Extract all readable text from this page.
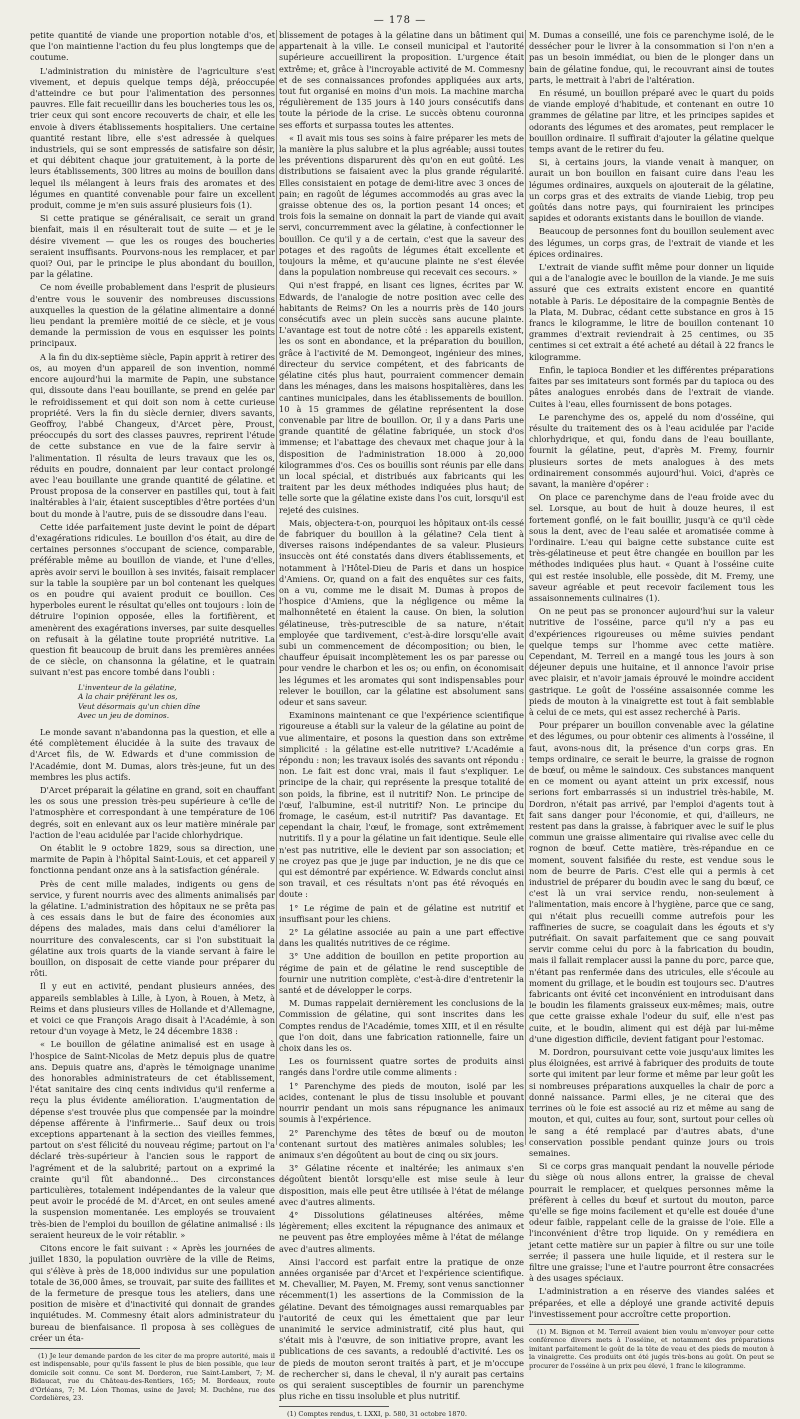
— 178 —

petite quantité de viande une proportion notable d'os, et que l'on maintienne l'action du feu plus longtemps que de coutume.

L'administration du ministère de l'agriculture s'est vivement, et depuis quelque temps déjà, préoccupée d'atteindre ce but pour l'alimentation des personnes pauvres. Elle fait recueillir dans les boucheries tous les os, trier ceux qui sont encore recouverts de chair, et elle les envoie à divers établissements hospitaliers. Une certaine quantité restant libre, elle s'est adressée à quelques industriels, qui se sont empressés de satisfaire son désir, et qui débitent chaque jour gratuitement, à la porte de leurs établissements, 300 litres au moins de bouillon dans lequel ils mélangent à leurs frais des aromates et des légumes en quantité convenable pour faire un excellent produit, comme je m'en suis assuré plusieurs fois (1).

Si cette pratique se généralisait, ce serait un grand bienfait, mais il en résulterait tout de suite — et je le désire vivement — que les os rouges des boucheries seraient insuffisants. Pourvons-nous les remplacer, et par quoi? Oui, par le principe le plus abondant du bouillon, par la gélatine.

Ce nom éveille probablement dans l'esprit de plusieurs d'entre vous le souvenir des nombreuses discussions auxquelles la question de la gélatine alimentaire a donné lieu pendant la première moitié de ce siècle, et je vous demande la permission de vous en esquisser les points principaux.

A la fin du dix-septième siècle, Papin apprit à retirer des os, au moyen d'un appareil de son invention, nommé encore aujourd'hui la marmite de Papin, une substance qui, dissoute dans l'eau bouillante, se prend en gelée par le refroidissement et qui doit son nom à cette curieuse propriété. Vers la fin du siècle dernier, divers savants, Geoffroy, l'abbé Changeux, d'Arcet père, Proust, préoccupés du sort des classes pauvres, reprirent l'étude de cette substance en vue de la faire servir à l'alimentation. Il résulta de leurs travaux que les os, réduits en poudre, donnaient par leur contact prolongé avec l'eau bouillante une grande quantité de gélatine. et Proust proposa de la conserver en pastilles qui, tout à fait inaltérables à l'air, étaient susceptibles d'être portées d'un bout du monde à l'autre, puis de se dissoudre dans l'eau.

Cette idée parfaitement juste devint le point de départ d'exagérations ridicules. Le bouillon d'os était, au dire de certaines personnes s'occupant de science, comparable, préférable même au bouillon de viande, et l'une d'elles, après avoir servi le bouillon à ses invités, faisait remplacer sur la table la soupière par un bol contenant les quelques os en poudre qui avaient produit ce bouillon. Ces hyperboles eurent le résultat qu'elles ont toujours : loin de détruire l'opinion opposée, elles la fortifièrent, et amenèrent des exagérations inverses, par suite desquelles on refusait à la gélatine toute propriété nutritive. La question fit beaucoup de bruit dans les premières années de ce siècle, on chansonna la gélatine, et le quatrain suivant n'est pas encore tombé dans l'oubli :

L'inventeur de la gélatine,
A la chair préférant les os,
Veut désormais qu'un chien dîne
Avec un jeu de dominos.

Le monde savant n'abandonna pas la question, et elle a été complètement élucidée à la suite des travaux de d'Arcet fils, de W. Edwards et d'une commission de l'Académie, dont M. Dumas, alors très-jeune, fut un des membres les plus actifs.

D'Arcet préparait la gélatine en grand, soit en chauffant les os sous une pression très-peu supérieure à ce'lle de l'atmosphère et correspondant à une température de 106 degrés, soit en enlevant aux os leur matière minérale par l'action de l'eau acidulée par l'acide chlorhydrique.

On établit le 9 octobre 1829, sous sa direction, une marmite de Papin à l'hôpital Saint-Louis, et cet appareil y fonctionna pendant onze ans à la satisfaction générale.

Près de cent mille malades, indigents ou gens de service, y furent nourris avec des aliments animalisés par la gélatine. L'administration des hôpitaux ne se prêta pas à ces essais dans le but de faire des économies aux dépens des malades, mais dans celui d'améliorer la nourriture des convalescents, car si l'on substituait la gélatine aux trois quarts de la viande servant à faire le bouillon, on disposait de cette viande pour préparer du rôti.

Il y eut en activité, pendant plusieurs années, des appareils semblables à Lille, à Lyon, à Rouen, à Metz, à Reims et dans plusieurs villes de Hollande et d'Allemagne, et voici ce que François Arago disait à l'Académie, à son retour d'un voyage à Metz, le 24 décembre 1838 :

« Le bouillon de gélatine animalisé est en usage à l'hospice de Saint-Nicolas de Metz depuis plus de quatre ans. Depuis quatre ans, d'après le témoignage unanime des honorables administrateurs de cet établissement, l'état sanitaire des cinq cents individus qu'il renferme a reçu la plus évidente amélioration. L'augmentation de dépense s'est trouvée plus que compensée par la moindre dépense afférente à l'infirmerie... Sauf deux ou trois exceptions appartenant à la section des vieilles femmes, partout on s'est félicité du nouveau régime; partout on l'a déclaré très-supérieur à l'ancien sous le rapport de l'agrément et de la salubrité; partout on a exprimé la crainte qu'il fût abandonné... Des circonstances particulières, totalement indépendantes de la valeur que peut avoir le procédé de M. d'Arcet, en ont seules amené la suspension momentanée. Les employés se trouvaient très-bien de l'emploi du bouillon de gélatine animalisé : ils seraient heureux de le voir rétablir. »

Citons encore le fait suivant : « Après les journées de juillet 1830, la population ouvrière de la ville de Reims, qui s'élève à près de 18,000 individus sur une population totale de 36,000 âmes, se trouvait, par suite des faillites et de la fermeture de presque tous les ateliers, dans une position de misère et d'inactivité qui donnait de grandes inquiétudes. M. Commesny était alors administrateur du bureau de bienfaisance. Il proposa à ses collègues de créer un éta-

(1) Je leur demande pardon de les citer de ma propre autorité, mais il est indispensable, pour qu'ils fassent le plus de bien possible, que leur domicile soit connu. Ce sont M. Dorderon, rue Saint-Lambert, 7; M. Bidaucat, rue du Château-des-Rentiers, 165; M. Bordeaux, route d'Orléans, 7; M. Léon Thomas, usine de Javel; M. Duchêne, rue des Cordelières, 23.

blissement de potages à la gélatine dans un bâtiment qui appartenait à la ville. Le conseil municipal et l'autorité supérieure accueillirent la proposition. L'urgence était extrême; et, grâce à l'incroyable activité de M. Commesny et de ses connaissances profondes appliquées aux arts, tout fut organisé en moins d'un mois. La machine marcha régulièrement de 135 jours à 140 jours consécutifs dans toute la période de la crise. Le succès obtenu couronna ses efforts et surpassa toutes les attentes.

« Il avait mis tous ses soins à faire préparer les mets de la manière la plus salubre et la plus agréable; aussi toutes les préventions disparurent dès qu'on en eut goûté. Les distributions se faisaient avec la plus grande régularité. Elles consistaient en potage de demi-litre avec 3 onces de pain; en ragoût de légumes accommodés au gras avec la graisse obtenue des os, la portion pesant 14 onces; et trois fois la semaine on donnait la part de viande qui avait servi, concurremment avec la gélatine, à confectionner le bouillon. Ce qu'il y a de certain, c'est que la saveur des potages et des ragoûts de légumes était excellente et toujours la même, et qu'aucune plainte ne s'est élevée dans la population nombreuse qui recevait ces secours. »

Qui n'est frappé, en lisant ces lignes, écrites par W. Edwards, de l'analogie de notre position avec celle des habitants de Reims? On les a nourris près de 140 jours consécutifs avec un plein succès sans aucune plainte. L'avantage est tout de notre côté : les appareils existent, les os sont en abondance, et la préparation du bouillon, grâce à l'activité de M. Demongeot, ingénieur des mines, directeur du service compétent, et des fabricants de gélatine cités plus haut, pourraient commencer demain dans les ménages, dans les maisons hospitalières, dans les cantines municipales, dans les établissements de bouillon. 10 à 15 grammes de gélatine représentent la dose convenable par litre de bouillon. Or, il y a dans Paris une grande quantité de gélatine fabriquée, un stock d'os immense; et l'abattage des chevaux met chaque jour à la disposition de l'administration 18.000 à 20,000 kilogrammes d'os. Ces os bouillis sont réunis par elle dans un local spécial, et distribués aux fabricants qui les traitent par les deux méthodes indiquées plus haut; de telle sorte que la gélatine existe dans l'os cuit, lorsqu'il est rejeté des cuisines.

Mais, objectera-t-on, pourquoi les hôpitaux ont-ils cessé de fabriquer du bouillon à la gélatine? Cela tient à diverses raisons indépendantes de sa valeur. Plusieurs insuccès ont été constatés dans divers établissements, et notamment à l'Hôtel-Dieu de Paris et dans un hospice d'Amiens. Or, quand on a fait des enquêtes sur ces faits, on a vu, comme me le disait M. Dumas à propos de l'hospice d'Amiens, que la négligence ou même la malhonnêteté en étaient la cause. On bien, la solution gélatineuse, très-putrescible de sa nature, n'était employée que tardivement, c'est-à-dire lorsqu'elle avait subi un commencement de décomposition; ou bien, le chauffeur épuisait incomplètement les os par paresse ou pour vendre le charbon et les os; ou enfin, on économisait les légumes et les aromates qui sont indispensables pour relever le bouillon, car la gélatine est absolument sans odeur et sans saveur.

Examinons maintenant ce que l'expérience scientifique rigoureuse a établi sur la valeur de la gélatine au point de vue alimentaire, et posons la question dans son extrême simplicité : la gélatine est-elle nutritive? L'Académie a répondu : non; les travaux isolés des savants ont répondu : non. Le fait est donc vrai, mais il faut s'expliquer. Le principe de la chair, qui représente la presque totalité de son poids, la fibrine, est il nutritif? Non. Le principe de l'œuf, l'albumine, est-il nutritif? Non. Le principe du fromage, le caséum, est-il nutritif? Pas davantage. Et cependant la chair, l'œuf, le fromage, sont extrêmement nutritifs. Il y a pour la gélatine un fait identique. Seule elle n'est pas nutritive, elle le devient par son association; et ne croyez pas que je juge par induction, je ne dis que ce qui est démontré par expérience. W. Edwards conclut ainsi son travail, et ces résultats n'ont pas été révoqués en doute :

1° Le régime de pain et de gélatine est nutritif et insuffisant pour les chiens.

2° La gélatine associée au pain a une part effective dans les qualités nutritives de ce régime.

3° Une addition de bouillon en petite proportion au régime de pain et de gélatine le rend susceptible de fournir une nutrition complète, c'est-à-dire d'entretenir la santé et de développer le corps.

M. Dumas rappelait dernièrement les conclusions de la Commission de gélatine, qui sont inscrites dans les Comptes rendus de l'Académie, tomes XIII, et il en résulte que l'on doit, dans une fabrication rationnelle, faire un choix dans les os.

Les os fournissent quatre sortes de produits ainsi rangés dans l'ordre utile comme aliments :

1° Parenchyme des pieds de mouton, isolé par les acides, contenant le plus de tissu insoluble et pouvant nourrir pendant un mois sans répugnance les animaux soumis à l'expérience.

2° Parenchyme des têtes de bœuf ou de mouton contenant surtout des matières animales solubles; les animaux s'en dégoûtent au bout de cinq ou six jours.

3° Gélatine récente et inaltérée; les animaux s'en dégoûtent bientôt lorsqu'elle est mise seule à leur disposition, mais elle peut être utilisée à l'état de mélange avec d'autres aliments.

4° Dissolutions gélatineuses altérées, même légèrement; elles excitent la répugnance des animaux et ne peuvent pas être employées même à l'état de mélange avec d'autres aliments.

Ainsi l'accord est parfait entre la pratique de onze années organisée par d'Arcet et l'expérience scientifique. M. Chevallier, M. Payen, M. Fremy, sont venus sanctionner récemment(1) les assertions de la Commission de la gélatine. Devant des témoignages aussi remarquables par l'autorité de ceux qui les émettaient que par leur unanimité le service administratif, cité plus haut, qui s'était mis à l'œuvre, de son initiative propre, avant les publications de ces savants, a redoublé d'activité. Les os de pieds de mouton seront traités à part, et je m'occupe de rechercher si, dans le cheval, il n'y aurait pas certains os qui seraient susceptibles de fournir un parenchyme plus riche en tissu insoluble et plus nutritif.

(1) Comptes rendus, t. LXXI, p. 580, 31 octobre 1870.

M. Dumas a conseillé, une fois ce parenchyme isolé, de le dessécher pour le livrer à la consommation si l'on n'en a pas un besoin immédiat, ou bien de le plonger dans un bain de gélatine fondue, qui, le recouvrant ainsi de toutes parts, le mettrait à l'abri de l'altération.

En résumé, un bouillon préparé avec le quart du poids de viande employé d'habitude, et contenant en outre 10 grammes de gélatine par litre, et les principes sapides et odorants des légumes et des aromates, peut remplacer le bouillon ordinaire. Il suffirait d'ajouter la gélatine quelque temps avant de le retirer du feu.

Si, à certains jours, la viande venait à manquer, on aurait un bon bouillon en faisant cuire dans l'eau les légumes ordinaires, auxquels on ajouterait de la gélatine, un corps gras et des extraits de viande Liebig, trop peu goûtés dans notre pays, qui fourniraient les principes sapides et odorants existants dans le bouillon de viande.

Beaucoup de personnes font du bouillon seulement avec des légumes, un corps gras, de l'extrait de viande et les épices ordinaires.

L'extrait de viande suffit même pour donner un liquide qui a de l'analogie avec le bouillon de la viande. Je me suis assuré que ces extraits existent encore en quantité notable à Paris. Le dépositaire de la compagnie Bentès de la Plata, M. Dubrac, cédant cette substance en gros à 15 francs le kilogramme, le litre de bouillon contenant 10 grammes d'extrait reviendrait à 25 centimes, ou 35 centimes si cet extrait a été acheté au détail à 22 francs le kilogramme.

Enfin, le tapioca Bondier et les différentes préparations faites par ses imitateurs sont formés par du tapioca ou des pâtes analogues enrobés dans de l'extrait de viande. Cuites à l'eau, elles fournissent de bons potages.

Le parenchyme des os, appelé du nom d'osséine, qui résulte du traitement des os à l'eau acidulée par l'acide chlorhydrique, et qui, fondu dans de l'eau bouillante, fournit la gélatine, peut, d'après M. Fremy, fournir plusieurs sortes de mets analogues à des mets ordinairement consommés aujourd'hui. Voici, d'après ce savant, la manière d'opérer :

On place ce parenchyme dans de l'eau froide avec du sel. Lorsque, au bout de huit à douze heures, il est fortement gonflé, on le fait bouillir, jusqu'à ce qu'il cède sous la dent, avec de l'eau salée et aromatisée comme à l'ordinaire. L'eau qui baigne cette substance cuite est très-gélatineuse et peut être changée en bouillon par les méthodes indiquées plus haut. « Quant à l'osséine cuite qui est restée insoluble, elle possède, dit M. Fremy, une saveur agréable et peut recevoir facilement tous les assaisonnements culinaires (1).

On ne peut pas se prononcer aujourd'hui sur la valeur nutritive de l'osséine, parce qu'il n'y a pas eu d'expériences rigoureuses ou même suivies pendant quelque temps sur l'homme avec cette matière. Cependant, M. Terreil en a mangé tous les jours à son déjeuner depuis une huitaine, et il annonce l'avoir prise avec plaisir, et n'avoir jamais éprouvé le moindre accident gastrique. Le goût de l'osséine assaisonnée comme les pieds de mouton à la vinaigrette est tout à fait semblable à celui de ce mets, qui est assez recherché à Paris.

Pour préparer un bouillon convenable avec la gélatine et des légumes, ou pour obtenir ces aliments à l'osséine, il faut, avons-nous dit, la présence d'un corps gras. En temps ordinaire, ce serait le beurre, la graisse de rognon de bœuf, ou même le saindoux. Ces substances manquent en ce moment ou ayant atteint un prix excessif, nous serions fort embarrassés si un industriel très-habile, M. Dordron, n'était pas arrivé, par l'emploi d'agents tout à fait sans danger pour l'économie, et qui, d'ailleurs, ne restent pas dans la graisse, à fabriquer avec le suif le plus commun une graisse alimentaire qui rivalise avec celle du rognon de bœuf. Cette matière, très-répandue en ce moment, souvent falsifiée du reste, est vendue sous le nom de beurre de Paris. C'est elle qui a permis à cet industriel de préparer du boudin avec le sang du bœuf, ce c'est là un vrai service rendu, non-seulement à l'alimentation, mais encore à l'hygiène, parce que ce sang, qui n'était plus recueilli comme autrefois pour les raffineries de sucre, se coagulait dans les égouts et s'y putréfiait. On savait parfaitement que ce sang pouvait servir comme celui du porc à la fabrication du boudin, mais il fallait remplacer aussi la panne du porc, parce que, n'étant pas renfermée dans des utricules, elle s'écoule au moment du grillage, et le boudin est toujours sec. D'autres fabricants ont évité cet inconvénient en introduisant dans le boudin les filaments graisseux eux-mêmes; mais, outre que cette graisse exhale l'odeur du suif, elle n'est pas cuite, et le boudin, aliment qui est déjà par lui-même d'une digestion difficile, devient fatigant pour l'estomac.

M. Dordron, poursuivant cette voie jusqu'aux limites les plus éloignées, est arrivé à fabriquer des produits de toute sorte qui imitent par leur forme et même par leur goût les si nombreuses préparations auxquelles la chair de porc a donné naissance. Parmi elles, je ne citerai que des terrines où le foie est associé au riz et même au sang de mouton, et qui, cuites au four, sont, surtout pour celles où le sang a été remplacé par d'autres abats, d'une conservation possible pendant quinze jours ou trois semaines.

Si ce corps gras manquait pendant la nouvelle période du siège où nous allons entrer, la graisse de cheval pourrait le remplacer, et quelques personnes même la préfèrent à celles du bœuf et surtout du mouton, parce qu'elle se fige moins facilement et qu'elle est douée d'une odeur faible, rappelant celle de la graisse de l'oie. Elle a l'inconvénient d'être trop liquide. On y remédiera en jetant cette matière sur un papier à filtre ou sur une toile serrée; il passera une huile liquide, et il restera sur le filtre une graisse; l'une et l'autre pourront être consacrées à des usages spéciaux.

L'administration a en réserve des viandes salées et préparées, et elle a déployé une grande activité depuis l'investissement pour accroître cette proportion.

(1) M. Bignon et M. Terreil avaient bien voulu m'envoyer pour cette conférence divers mets à l'osséine, et notamment des préparations imitant parfaitement le goût de la tête de veau et des pieds de mouton à la vinaigrette. Ces produits ont été jugés très-bons au goût. On peut se procurer de l'osséine à un prix peu élevé, 1 franc le kilogramme.
